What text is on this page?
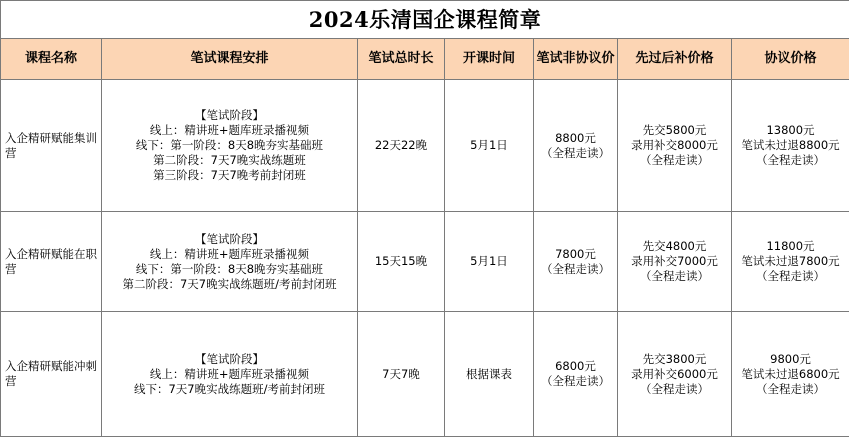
2024乐清国企课程简章						
课程名称	笔试课程安排	笔试总时长	开课时间	笔试非协议价	先过后补价格	协议价格
入企精研赋能集训营	【笔试阶段】
线上：精讲班+题库班录播视频
线下：第一阶段：8天8晚夯实基础班
第二阶段：7天7晚实战练题班
第三阶段：7天7晚考前封闭班	22天22晚	5月1日	8800元
（全程走读）	先交5800元
录用补交8000元
（全程走读）	13800元
笔试未过退8800元
（全程走读）

入企精研赋能在职营	【笔试阶段】
线上：精讲班+题库班录播视频
线下：第一阶段：8天8晚夯实基础班
第二阶段：7天7晚实战练题班/考前封闭班	15天15晚	5月1日	7800元
（全程走读）	先交4800元
录用补交7000元
（全程走读）	11800元
笔试未过退7800元
（全程走读）

入企精研赋能冲刺营	【笔试阶段】
线上：精讲班+题库班录播视频
线下：7天7晚实战练题班/考前封闭班	7天7晚	根据课表	6800元
（全程走读）	先交3800元
录用补交6000元
（全程走读）	9800元
笔试未过退6800元
（全程走读）
